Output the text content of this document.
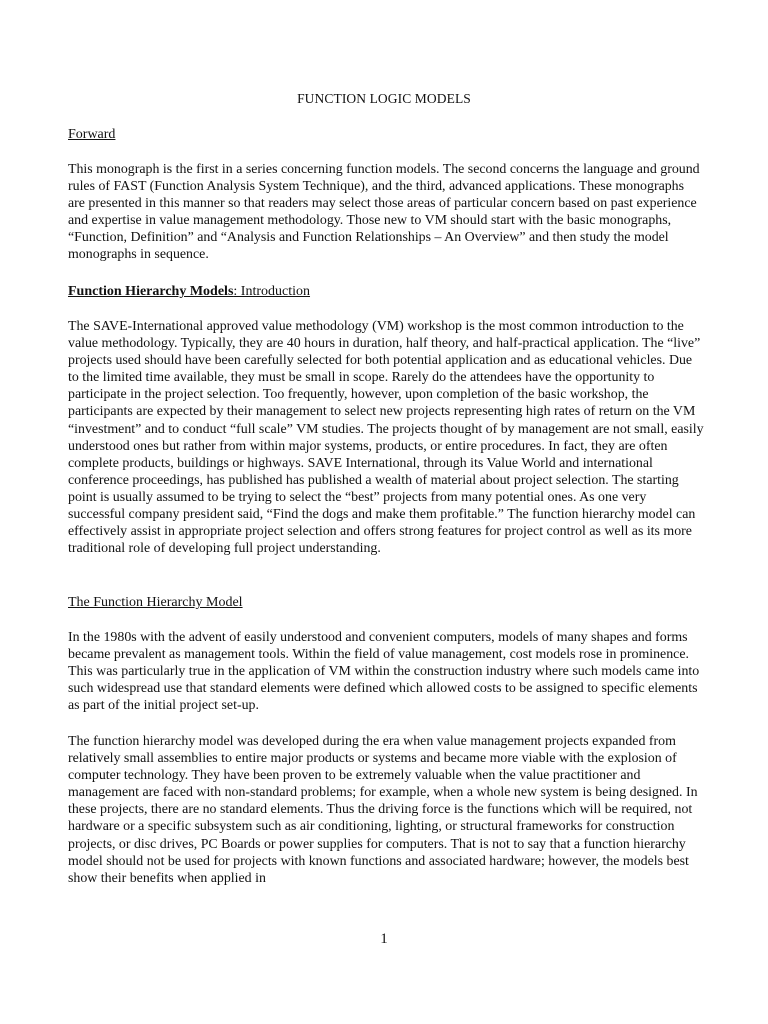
FUNCTION LOGIC MODELS
Forward

This monograph is the first in a series concerning function models. The second concerns the language and ground rules of FAST (Function Analysis System Technique), and the third, advanced applications. These monographs are presented in this manner so that readers may select those areas of particular concern based on past experience and expertise in value management methodology. Those new to VM should start with the basic monographs, “Function, Definition” and “Analysis and Function Relationships – An Overview” and then study the model monographs in sequence.

Function Hierarchy Models: Introduction

The SAVE-International approved value methodology (VM) workshop is the most common introduction to the value methodology. Typically, they are 40 hours in duration, half theory, and half-practical application. The “live” projects used should have been carefully selected for both potential application and as educational vehicles. Due to the limited time available, they must be small in scope. Rarely do the attendees have the opportunity to participate in the project selection. Too frequently, however, upon completion of the basic workshop, the participants are expected by their management to select new projects representing high rates of return on the VM “investment” and to conduct “full scale” VM studies. The projects thought of by management are not small, easily understood ones but rather from within major systems, products, or entire procedures. In fact, they are often complete products, buildings or highways. SAVE International, through its Value World and international conference proceedings, has published has published a wealth of material about project selection. The starting point is usually assumed to be trying to select the “best” projects from many potential ones. As one very successful company president said, “Find the dogs and make them profitable.” The function hierarchy model can effectively assist in appropriate project selection and offers strong features for project control as well as its more traditional role of developing full project understanding.

The Function Hierarchy Model

In the 1980s with the advent of easily understood and convenient computers, models of many shapes and forms became prevalent as management tools. Within the field of value management, cost models rose in prominence. This was particularly true in the application of VM within the construction industry where such models came into such widespread use that standard elements were defined which allowed costs to be assigned to specific elements as part of the initial project set-up.

The function hierarchy model was developed during the era when value management projects expanded from relatively small assemblies to entire major products or systems and became more viable with the explosion of computer technology. They have been proven to be extremely valuable when the value practitioner and management are faced with non-standard problems; for example, when a whole new system is being designed. In these projects, there are no standard elements. Thus the driving force is the functions which will be required, not hardware or a specific subsystem such as air conditioning, lighting, or structural frameworks for construction projects, or disc drives, PC Boards or power supplies for computers. That is not to say that a function hierarchy model should not be used for projects with known functions and associated hardware; however, the models best show their benefits when applied in

1
